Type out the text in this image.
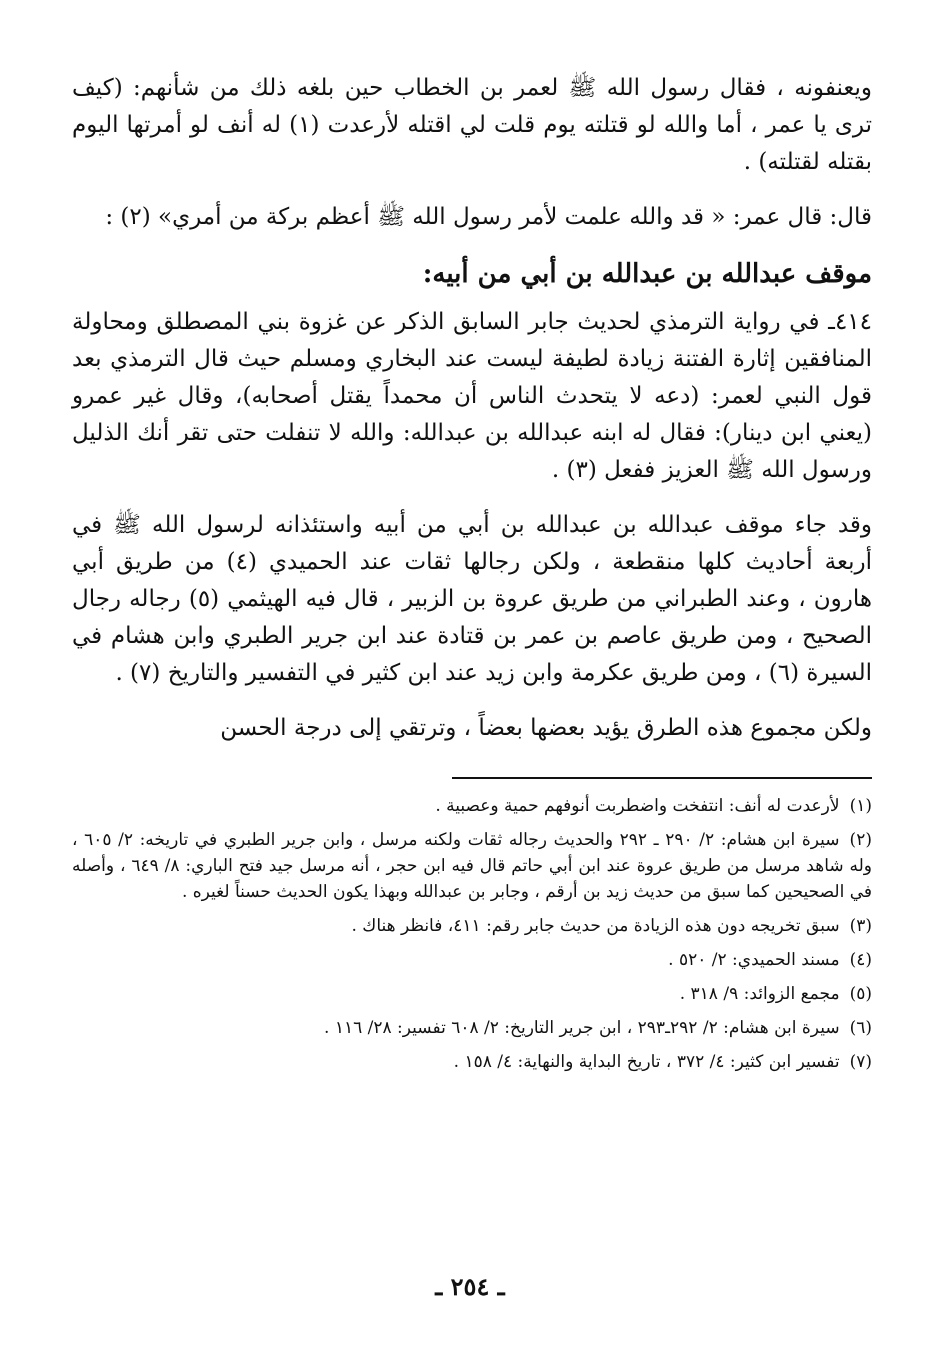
ويعنفونه ، فقال رسول الله ﷺ لعمر بن الخطاب حين بلغه ذلك من شأنهم: (كيف ترى يا عمر ، أما والله لو قتلته يوم قلت لي اقتله لأرعدت (١) له أنف لو أمرتها اليوم بقتله لقتلته) .

قال: قال عمر: « قد والله علمت لأمر رسول الله ﷺ أعظم بركة من أمري» (٢) :

موقف عبدالله بن عبدالله بن أبي من أبيه:

٤١٤ـ في رواية الترمذي لحديث جابر السابق الذكر عن غزوة بني المصطلق ومحاولة المنافقين إثارة الفتنة زيادة لطيفة ليست عند البخاري ومسلم حيث قال الترمذي بعد قول النبي لعمر: (دعه لا يتحدث الناس أن محمداً يقتل أصحابه)، وقال غير عمرو (يعني ابن دينار): فقال له ابنه عبدالله بن عبدالله: والله لا تنفلت حتى تقر أنك الذليل ورسول الله ﷺ العزيز ففعل (٣) .

وقد جاء موقف عبدالله بن عبدالله بن أبي من أبيه واستئذانه لرسول الله ﷺ في أربعة أحاديث كلها منقطعة ، ولكن رجالها ثقات عند الحميدي (٤) من طريق أبي هارون ، وعند الطبراني من طريق عروة بن الزبير ، قال فيه الهيثمي (٥) رجاله رجال الصحيح ، ومن طريق عاصم بن عمر بن قتادة عند ابن جرير الطبري وابن هشام في السيرة (٦) ، ومن طريق عكرمة وابن زيد عند ابن كثير في التفسير والتاريخ (٧) .

ولكن مجموع هذه الطرق يؤيد بعضها بعضاً ، وترتقي إلى درجة الحسن

(١)لأرعدت له أنف: انتفخت واضطربت أنوفهم حمية وعصبية .

(٢)سيرة ابن هشام: ٢/ ٢٩٠ ـ ٢٩٢ والحديث رجاله ثقات ولكنه مرسل ، وابن جرير الطبري في تاريخه: ٢/ ٦٠٥ ، وله شاهد مرسل من طريق عروة عند ابن أبي حاتم قال فيه ابن حجر ، أنه مرسل جيد فتح الباري: ٨/ ٦٤٩ ، وأصله في الصحيحين كما سبق من حديث زيد بن أرقم ، وجابر بن عبدالله وبهذا يكون الحديث حسناً لغيره .

(٣)سبق تخريجه دون هذه الزيادة من حديث جابر رقم: ٤١١، فانظر هناك .

(٤)مسند الحميدي: ٢/ ٥٢٠ .

(٥)مجمع الزوائد: ٩/ ٣١٨ .

(٦)سيرة ابن هشام: ٢/ ٢٩٢ـ٢٩٣ ، ابن جرير التاريخ: ٢/ ٦٠٨ تفسير: ٢٨/ ١١٦ .

(٧)تفسير ابن كثير: ٤/ ٣٧٢ ، تاريخ البداية والنهاية: ٤/ ١٥٨ .

ـ ٢٥٤ ـ
